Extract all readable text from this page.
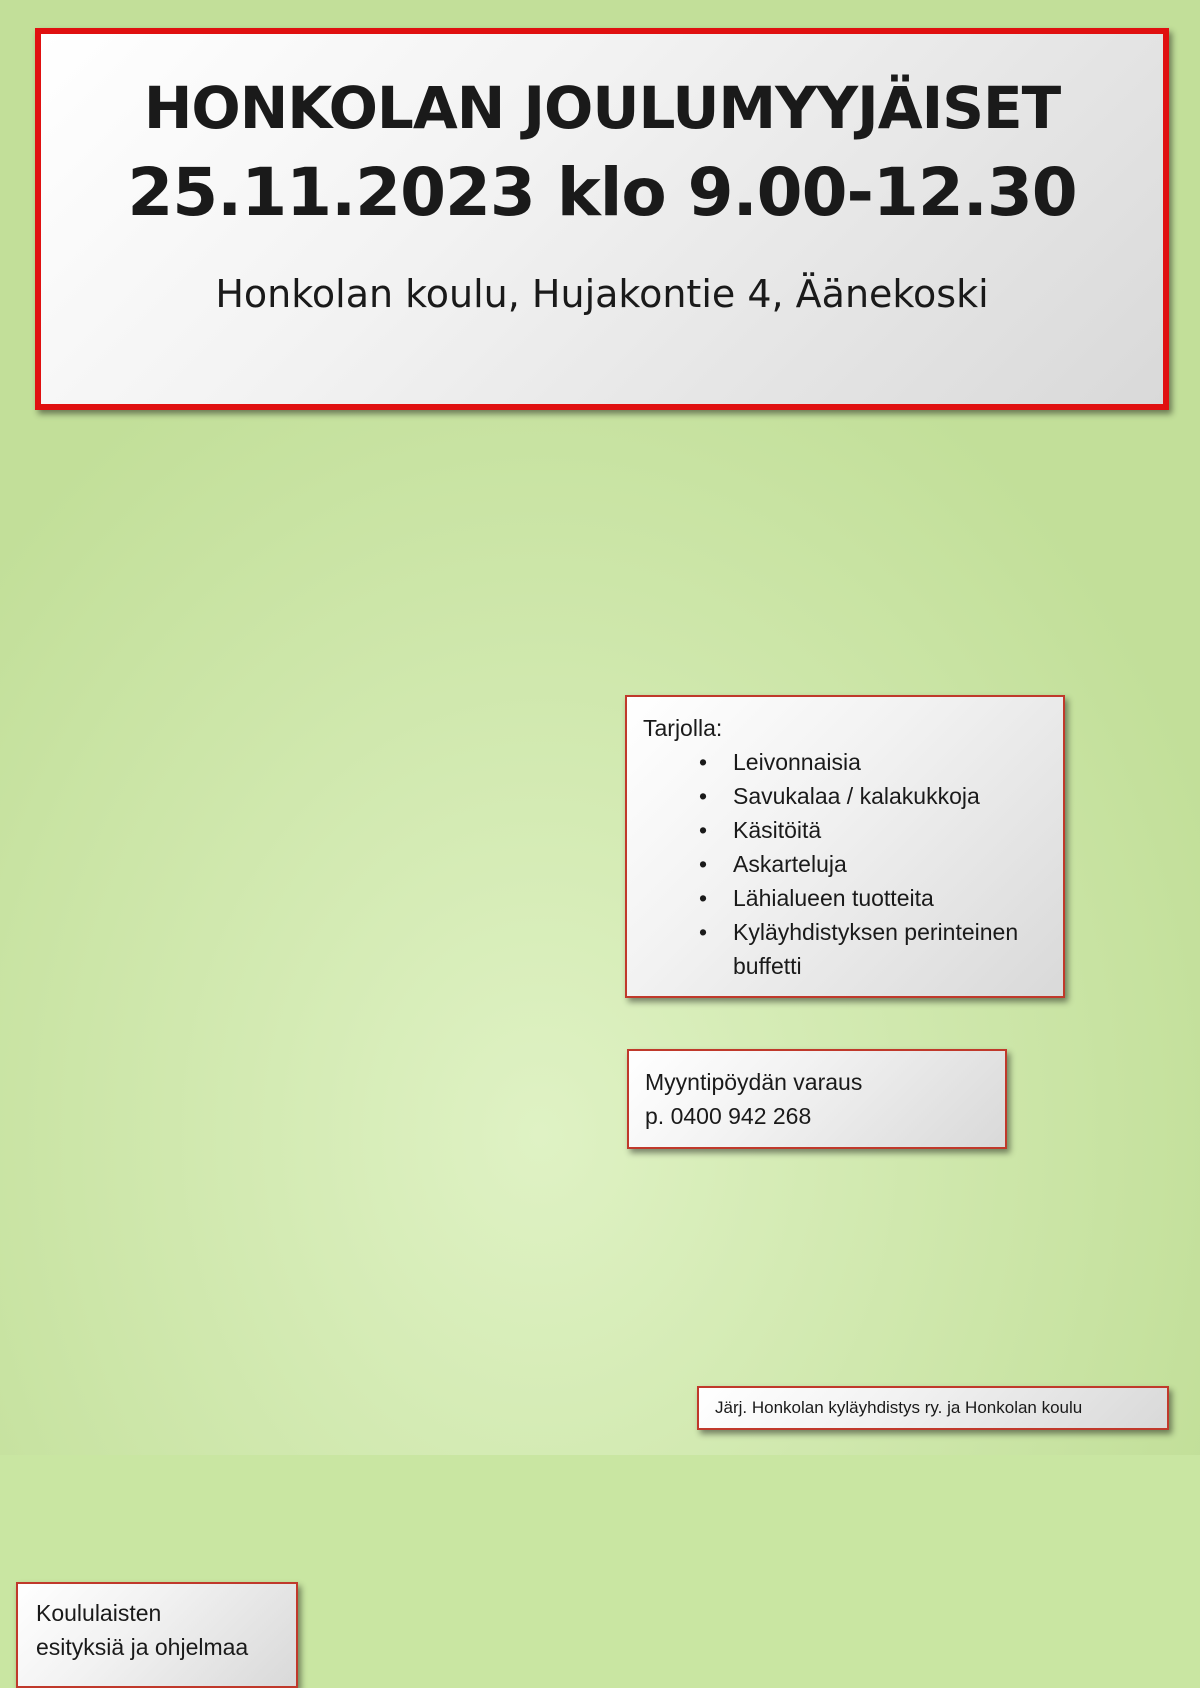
HONKOLAN JOULUMYYJÄISET
25.11.2023 klo 9.00-12.30
Honkolan koulu, Hujakontie 4, Äänekoski
Tarjolla:
• Leivonnaisia
• Savukalaa / kalakukkoja
• Käsitöitä
• Askarteluja
• Lähialueen tuotteita
• Kyläyhdistyksen perinteinen buffetti
Myyntipöydän varaus
p. 0400 942 268
Koululaisten
esityksiä ja ohjelmaa
Järj. Honkolan kyläyhdistys ry. ja Honkolan koulu
